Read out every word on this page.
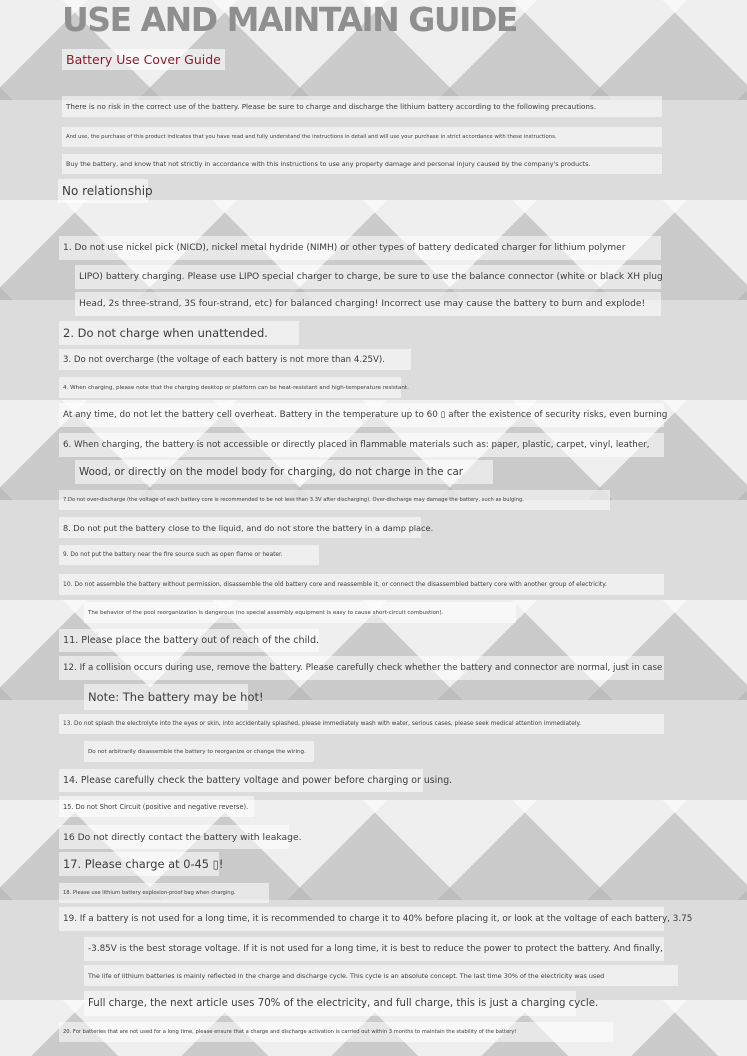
USE AND MAINTAIN GUIDE
Battery Use Cover Guide
There is no risk in the correct use of the battery. Please be sure to charge and discharge the lithium battery according to the following precautions.
And use, the purchase of this product indicates that you have read and fully understand the instructions in detail and will use your purchase in strict accordance with these instructions.
Buy the battery, and know that not strictly in accordance with this instructions to use any property damage and personal injury caused by the company's products.
No relationship
1. Do not use nickel pick (NICD), nickel metal hydride (NIMH) or other types of battery dedicated charger for lithium polymer
LIPO) battery charging. Please use LIPO special charger to charge, be sure to use the balance connector (white or black XH plug
Head, 2s three-strand, 3S four-strand, etc) for balanced charging! Incorrect use may cause the battery to burn and explode!
2. Do not charge when unattended.
3. Do not overcharge (the voltage of each battery is not more than 4.25V).
4. When charging, please note that the charging desktop or platform can be heat-resistant and high-temperature resistant.
At any time, do not let the battery cell overheat. Battery in the temperature up to 60 ▯ after the existence of security risks, even burning
6. When charging, the battery is not accessible or directly placed in flammable materials such as: paper, plastic, carpet, vinyl, leather,
Wood, or directly on the model body for charging, do not charge in the car
7.Do not over-discharge (the voltage of each battery core is recommended to be not less than 3.3V after discharging). Over-discharge may damage the battery, such as bulging.
8. Do not put the battery close to the liquid, and do not store the battery in a damp place.
9. Do not put the battery near the fire source such as open flame or heater.
10. Do not assemble the battery without permission, disassemble the old battery core and reassemble it, or connect the disassembled battery core with another group of electricity.
The behavior of the pool reorganization is dangerous (no special assembly equipment is easy to cause short-circuit combustion).
11. Please place the battery out of reach of the child.
12. If a collision occurs during use, remove the battery. Please carefully check whether the battery and connector are normal, just in case
Note: The battery may be hot!
13. Do not splash the electrolyte into the eyes or skin, into accidentally splashed, please immediately wash with water, serious cases, please seek medical attention immediately.
Do not arbitrarily disassemble the battery to reorganize or change the wiring.
14. Please carefully check the battery voltage and power before charging or using.
15. Do not Short Circuit (positive and negative reverse).
16 Do not directly contact the battery with leakage.
17. Please charge at 0-45 ▯!
18. Please use lithium battery explosion-proof bag when charging.
19. If a battery is not used for a long time, it is recommended to charge it to 40% before placing it, or look at the voltage of each battery, 3.75
-3.85V is the best storage voltage. If it is not used for a long time, it is best to reduce the power to protect the battery. And finally,
The life of lithium batteries is mainly reflected in the charge and discharge cycle. This cycle is an absolute concept. The last time 30% of the electricity was used
Full charge, the next article uses 70% of the electricity, and full charge, this is just a charging cycle.
20. For batteries that are not used for a long time, please ensure that a charge and discharge activation is carried out within 3 months to maintain the stability of the battery!
